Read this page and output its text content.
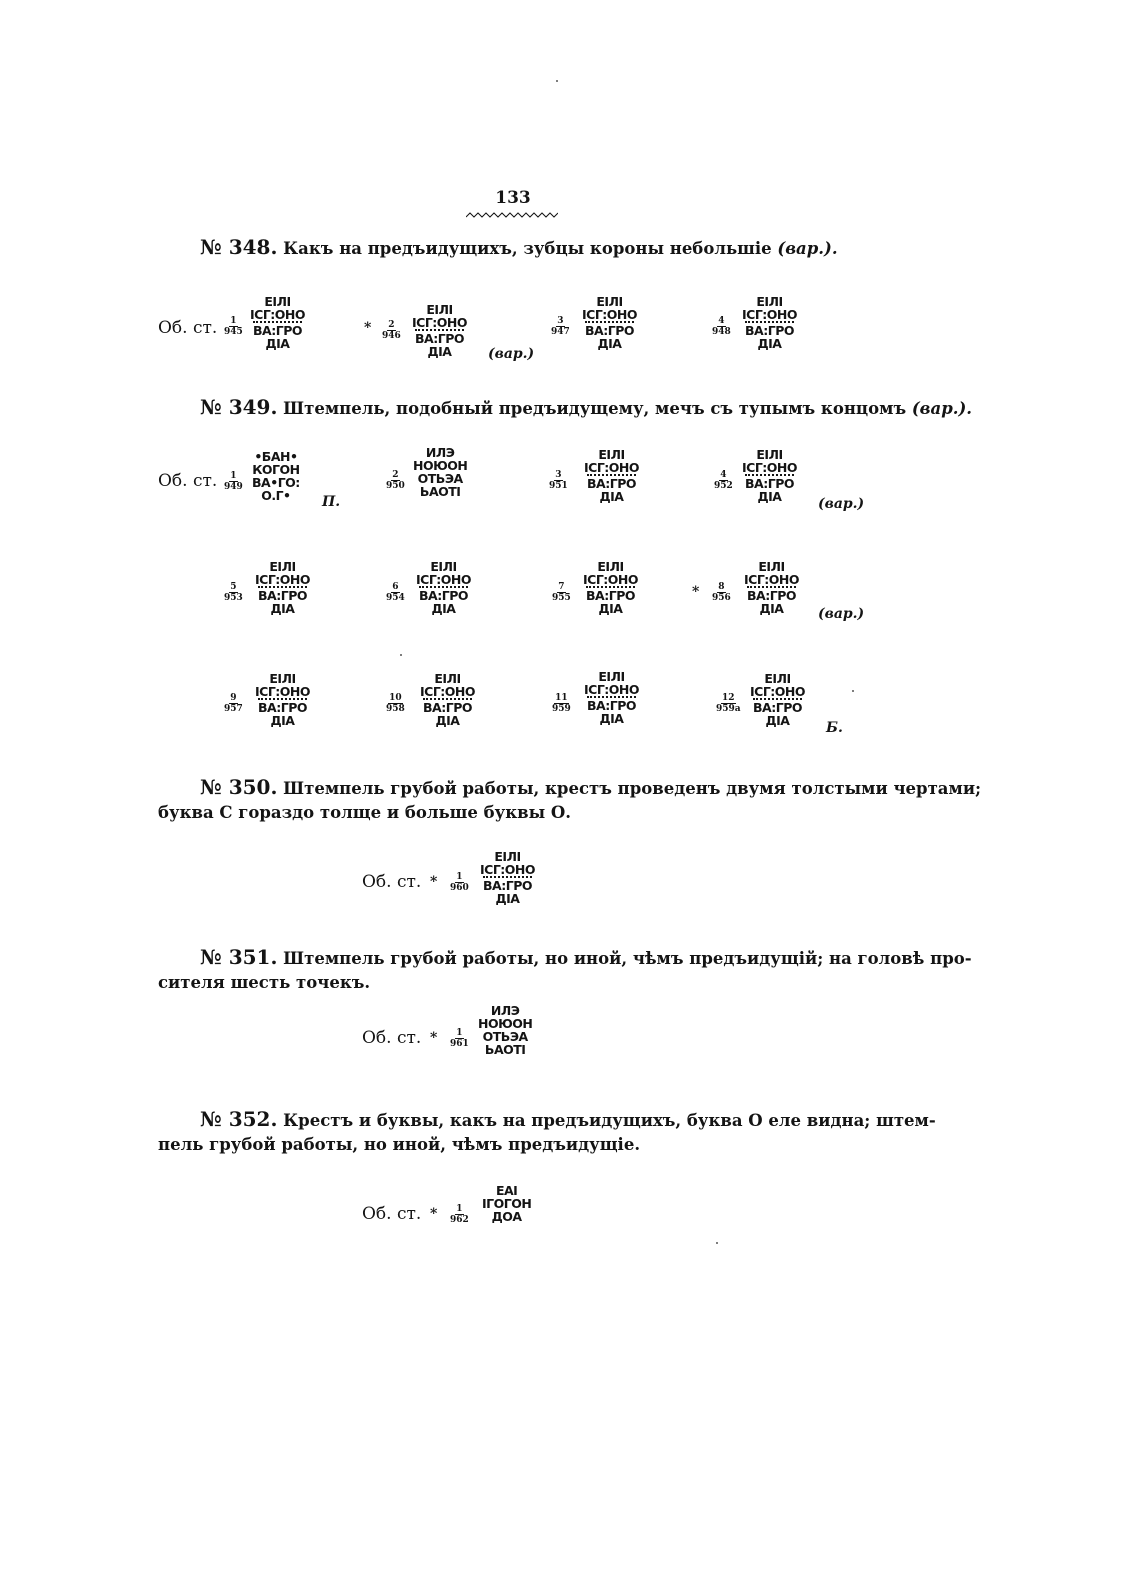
133
№ 348. Какъ на предъидущихъ, зубцы короны небольшіе (вар.).
Об. ст. $\frac{1}{945}$
ЕІЛІ
ІСГ:ОНО
ВА:ГРО
ДІА
* $\frac{2}{946}$
ЕІЛІ
ІСГ:ОНО
ВА:ГРО
ДІА	(вар.)
$\frac{3}{947}$
ЕІЛІ
ІСГ:ОНО
ВА:ГРО
ДІА
$\frac{4}{948}$
ЕІЛІ
ІСГ:ОНО
ВА:ГРО
ДІА
№ 349. Штемпель, подобный предъидущему, мечъ съ тупымъ концомъ (вар.).
Об. ст. $\frac{1}{949}$
•БАН•
КОГОН
ВА•ГО:
О.Г• П.
$\frac{2}{950}$
ИЛЭ
НОЮОН
ОТЬЭА
ЬАОТІ
$\frac{3}{951}$
ЕІЛІ
ІСГ:ОНО
ВА:ГРО
ДІА
$\frac{4}{952}$
ЕІЛІ
ІСГ:ОНО
ВА:ГРО
ДІА	(вар.)
$\frac{5}{953}$
ЕІЛІ
ІСГ:ОНО
ВА:ГРО
ДІА
$\frac{6}{954}$
ЕІЛІ
ІСГ:ОНО
ВА:ГРО
ДІА
$\frac{7}{955}$
ЕІЛІ
ІСГ:ОНО
ВА:ГРО
ДІА
* $\frac{8}{956}$
ЕІЛІ
ІСГ:ОНО
ВА:ГРО
ДІА (вар.)
$\frac{9}{957}$
ЕІЛІ
ІСГ:ОНО
ВА:ГРО
ДІА
$\frac{10}{958}$
ЕІЛІ
ІСГ:ОНО
ВА:ГРО
ДІА
$\frac{11}{959}$
ЕІЛІ
ІСГ:ОНО
ВА:ГРО
ДІА
$\frac{12}{959a}$
ЕІЛІ
ІСГ:ОНО
ВА:ГРО
ДІА	Б.
№ 350. Штемпель грубой работы, крестъ проведенъ двумя толстыми чертами;
буква С гораздо толще и больше буквы О.
Об. ст. * $\frac{1}{960}$
ЕІЛІ
ІСГ:ОНО
ВА:ГРО
ДІА
№ 351. Штемпель грубой работы, но иной, чѣмъ предъидущій; на головѣ про-
сителя шесть точекъ.
Об. ст. * $\frac{1}{961}$
ИЛЭ
НОЮОН
ОТЬЭА
ЬАОТІ
№ 352. Крестъ и буквы, какъ на предъидущихъ, буква О еле видна; штем-
пель грубой работы, но иной, чѣмъ предъидущіе.
Об. ст. * $\frac{1}{962}$
ЕАІ
ІГОГОН
ДОА
